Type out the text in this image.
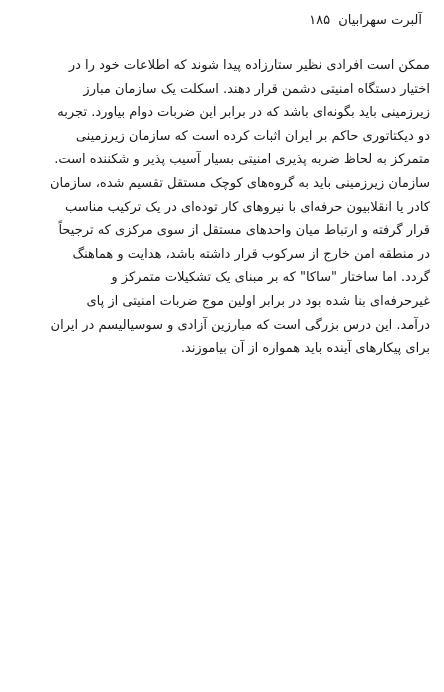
آلبرت سهرابیان ۱۸۵
ممکن است افرادی نظیر ستارزاده پیدا شوند که اطلاعات خود را در
اختیار دستگاه امنیتی دشمن قرار دهند. اسکلت یک سازمان مبارز
زیرزمینی باید بگونه‌ای باشد که در برابر این ضربات دوام بیاورد. تجربه
دو دیکتاتوری حاکم بر ایران اثبات کرده است که سازمان زیرزمینی
متمرکز به لحاظ ضربه پذیری امنیتی بسیار آسیب پذیر و شکننده است.
سازمان زیرزمینی باید به گروه‌های کوچک مستقل تقسیم شده، سازمان
کادر یا انقلابیون حرفه‌ای با نیروهای کار توده‌ای در یک ترکیب مناسب
قرار گرفته و ارتباط میان واحدهای مستقل از سوی مرکزی که ترجیحاً
در منطقه امن خارج از سرکوب قرار داشته باشد، هدایت و هماهنگ
گردد. اما ساختار "ساکا" که بر مبنای یک تشکیلات متمرکز و
غیرحرفه‌ای بنا شده بود در برابر اولین موج ضربات امنیتی از پای
درآمد. این درس بزرگی است که مبارزین آزادی و سوسیالیسم در ایران
برای پیکارهای آینده باید همواره از آن بیاموزند.
